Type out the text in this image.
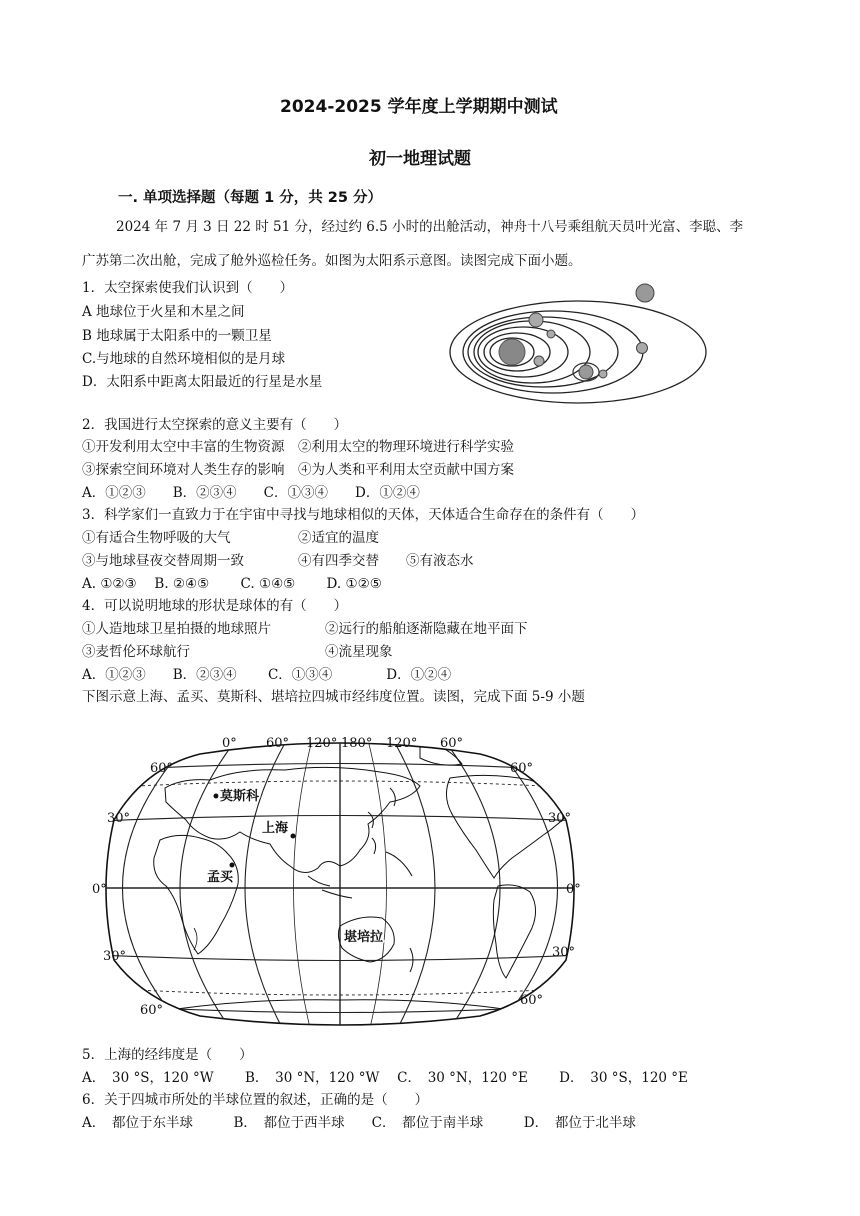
2024-2025 学年度上学期期中测试
初一地理试题
一. 单项选择题（每题 1 分，共 25 分）
2024 年 7 月 3 日 22 时 51 分，经过约 6.5 小时的出舱活动，神舟十八号乘组航天员叶光富、李聪、李
广苏第二次出舱，完成了舱外巡检任务。如图为太阳系示意图。读图完成下面小题。
1．太空探索使我们认识到（　　）
A 地球位于火星和木星之间
B 地球属于太阳系中的一颗卫星
C.与地球的自然环境相似的是月球
D．太阳系中距离太阳最近的行星是水星
2．我国进行太空探索的意义主要有（　　）
①开发利用太空中丰富的生物资源　②利用太空的物理环境进行科学实验
③探索空间环境对人类生存的影响　④为人类和平利用太空贡献中国方案
A．①②③　　B．②③④　　C．①③④　　D．①②④
3．科学家们一直致力于在宇宙中寻找与地球相似的天体，天体适合生命存在的条件有（　　）
①有适合生物呼吸的大气　　　　　②适宜的温度
③与地球昼夜交替周期一致　　　　④有四季交替　　⑤有液态水
A. ①②③　 B. ②④⑤　　 C. ①④⑤　　 D. ①②⑤
4．可以说明地球的形状是球体的有（　　）
①人造地球卫星拍摄的地球照片　　　　②远行的船舶逐渐隐藏在地平面下
③麦哲伦环球航行　　　　　　　　　　④流星现象
A．①②③　　B．②③④　　 C．①③④　　　　D．①②④
下图示意上海、孟买、莫斯科、堪培拉四城市经纬度位置。读图，完成下面 5-9 小题
0° 60° 120° 180° 120° 60°
60°
30°
0°
30°
60°
60°
30°
0°
30°
60°
莫斯科
上海
孟买
堪培拉
5．上海的经纬度是（　　）
A．　30 °S，120 °W　　 B．　30 °N，120 °W　 C．　30 °N，120 °E　　 D．　30 °S，120 °E
6．关于四城市所处的半球位置的叙述，正确的是（　　）
A．　都位于东半球　　　B．　都位于西半球　　C．　都位于南半球　　　D．　都位于北半球
